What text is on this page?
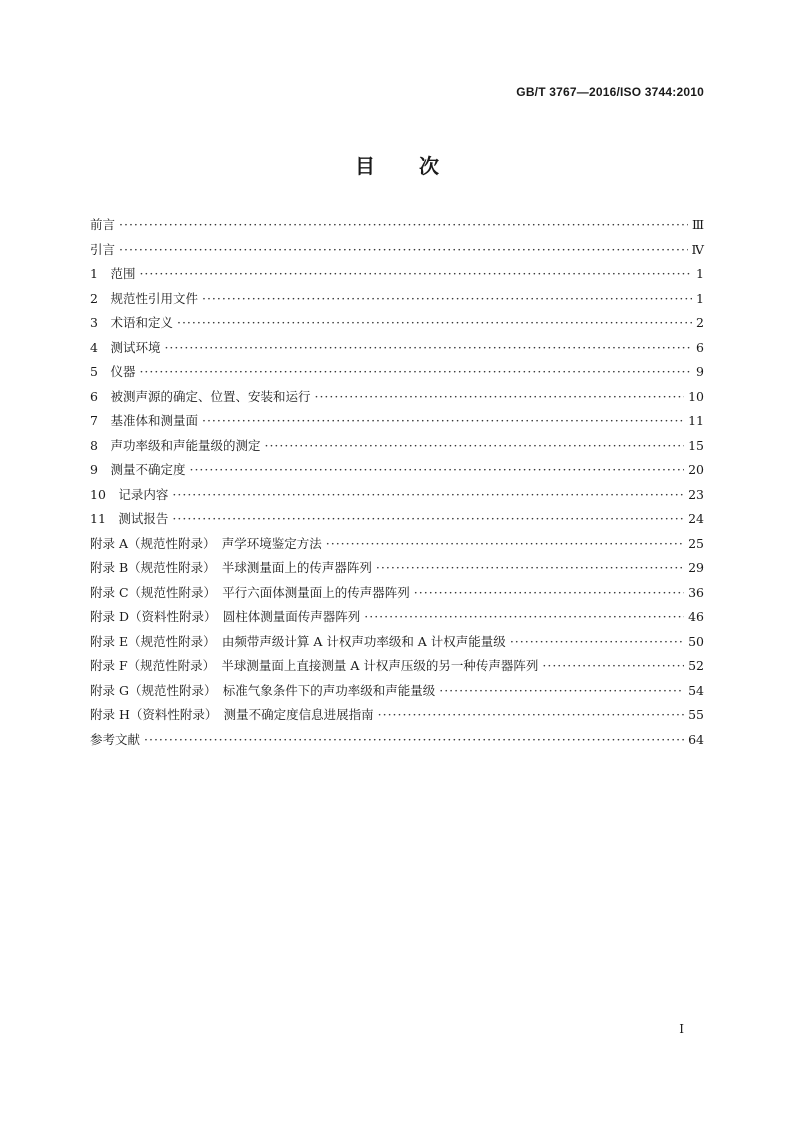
GB/T 3767—2016/ISO 3744:2010
目 次
前言 ·····	Ⅲ
引言 ·····	Ⅳ
1　范围 ·····	1
2　规范性引用文件 ·····	1
3　术语和定义 ·····	2
4　测试环境 ·····	6
5　仪器 ·····	9
6　被测声源的确定、位置、安装和运行 ·····	10
7　基准体和测量面 ·····	11
8　声功率级和声能量级的测定 ·····	15
9　测量不确定度 ·····	20
10　记录内容 ·····	23
11　测试报告 ·····	24
附录 A（规范性附录）　声学环境鉴定方法 ·····	25
附录 B（规范性附录）　半球测量面上的传声器阵列 ·····	29
附录 C（规范性附录）　平行六面体测量面上的传声器阵列 ·····	36
附录 D（资料性附录）　圆柱体测量面传声器阵列 ·····	46
附录 E（规范性附录）　由频带声级计算 A 计权声功率级和 A 计权声能量级 ·····	50
附录 F（规范性附录）　半球测量面上直接测量 A 计权声压级的另一种传声器阵列 ·····	52
附录 G（规范性附录）　标准气象条件下的声功率级和声能量级 ·····	54
附录 H（资料性附录）　测量不确定度信息进展指南 ·····	55
参考文献 ·····	64
I
